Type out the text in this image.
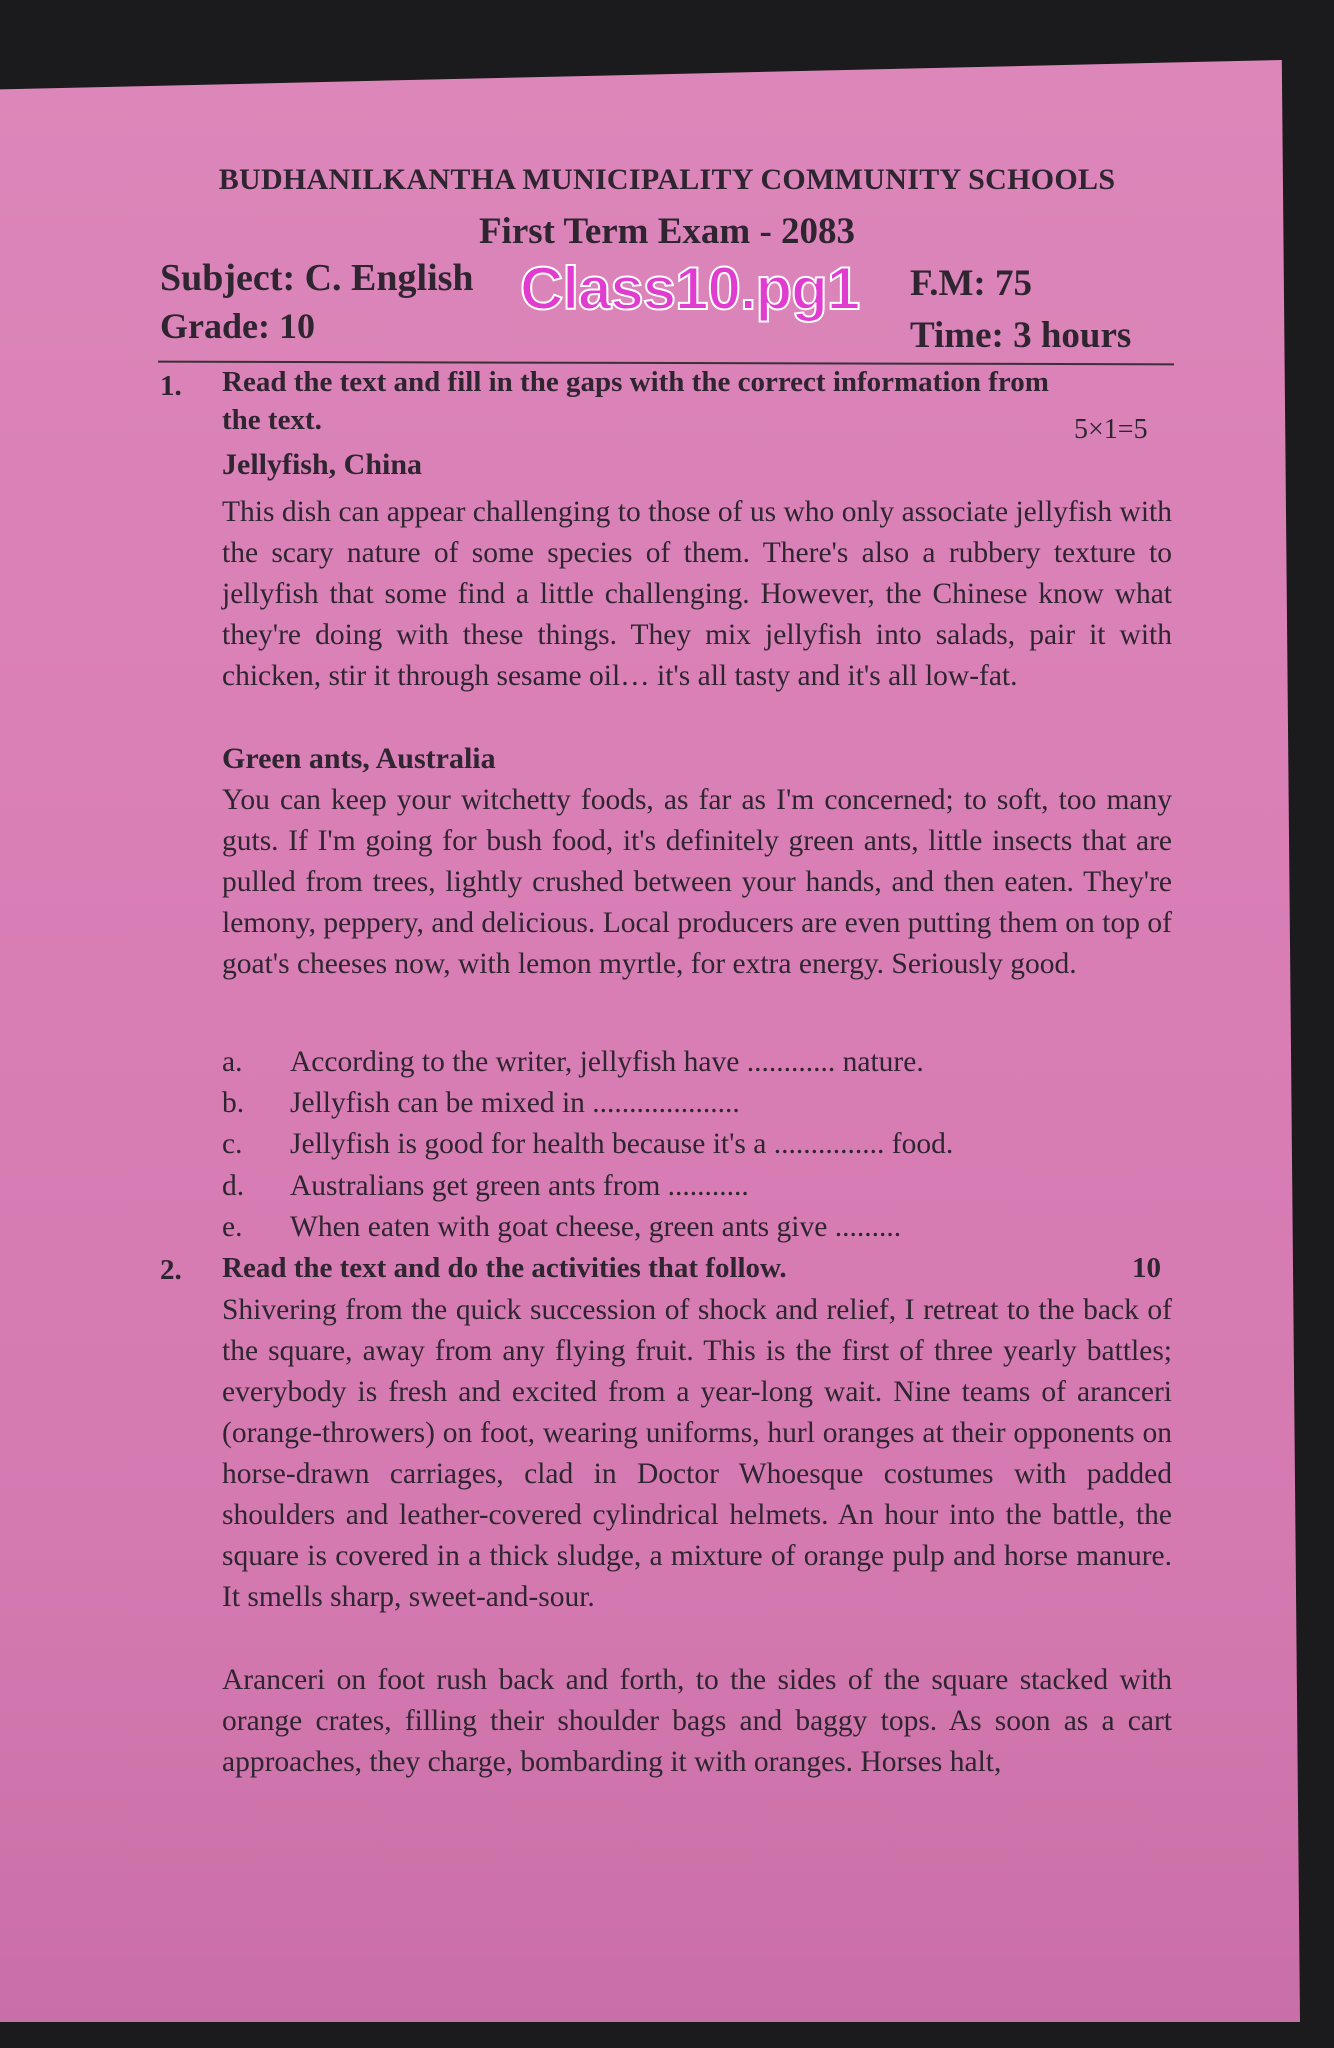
BUDHANILKANTHA MUNICIPALITY COMMUNITY SCHOOLS
First Term Exam - 2083
Subject: C. English
Grade: 10
Class10.pg1 F.M: 75
Time: 3 hours
1. Read the text and fill in the gaps with the correct information from
the text.	5×1=5
Jellyfish, China
This dish can appear challenging to those of us who only associate jellyfish with the scary nature of some species of them. There's also a rubbery texture to jellyfish that some find a little challenging. However, the Chinese know what they're doing with these things. They mix jellyfish into salads, pair it with chicken, stir it through sesame oil… it's all tasty and it's all low-fat.
Green ants, Australia
You can keep your witchetty foods, as far as I'm concerned; to soft, too many guts. If I'm going for bush food, it's definitely green ants, little insects that are pulled from trees, lightly crushed between your hands, and then eaten. They're lemony, peppery, and delicious. Local producers are even putting them on top of goat's cheeses now, with lemon myrtle, for extra energy. Seriously good.
a.	According to the writer, jellyfish have ............ nature.
b.	Jellyfish can be mixed in ....................
c.	Jellyfish is good for health because it's a ............... food.
d.	Australians get green ants from ...........
e.	When eaten with goat cheese, green ants give .........
2. Read the text and do the activities that follow.	10
Shivering from the quick succession of shock and relief, I retreat to the back of the square, away from any flying fruit. This is the first of three yearly battles; everybody is fresh and excited from a year-long wait. Nine teams of aranceri (orange-throwers) on foot, wearing uniforms, hurl oranges at their opponents on horse-drawn carriages, clad in Doctor Whoesque costumes with padded shoulders and leather-covered cylindrical helmets. An hour into the battle, the square is covered in a thick sludge, a mixture of orange pulp and horse manure. It smells sharp, sweet-and-sour.
Aranceri on foot rush back and forth, to the sides of the square stacked with orange crates, filling their shoulder bags and baggy tops. As soon as a cart approaches, they charge, bombarding it with oranges. Horses halt,
